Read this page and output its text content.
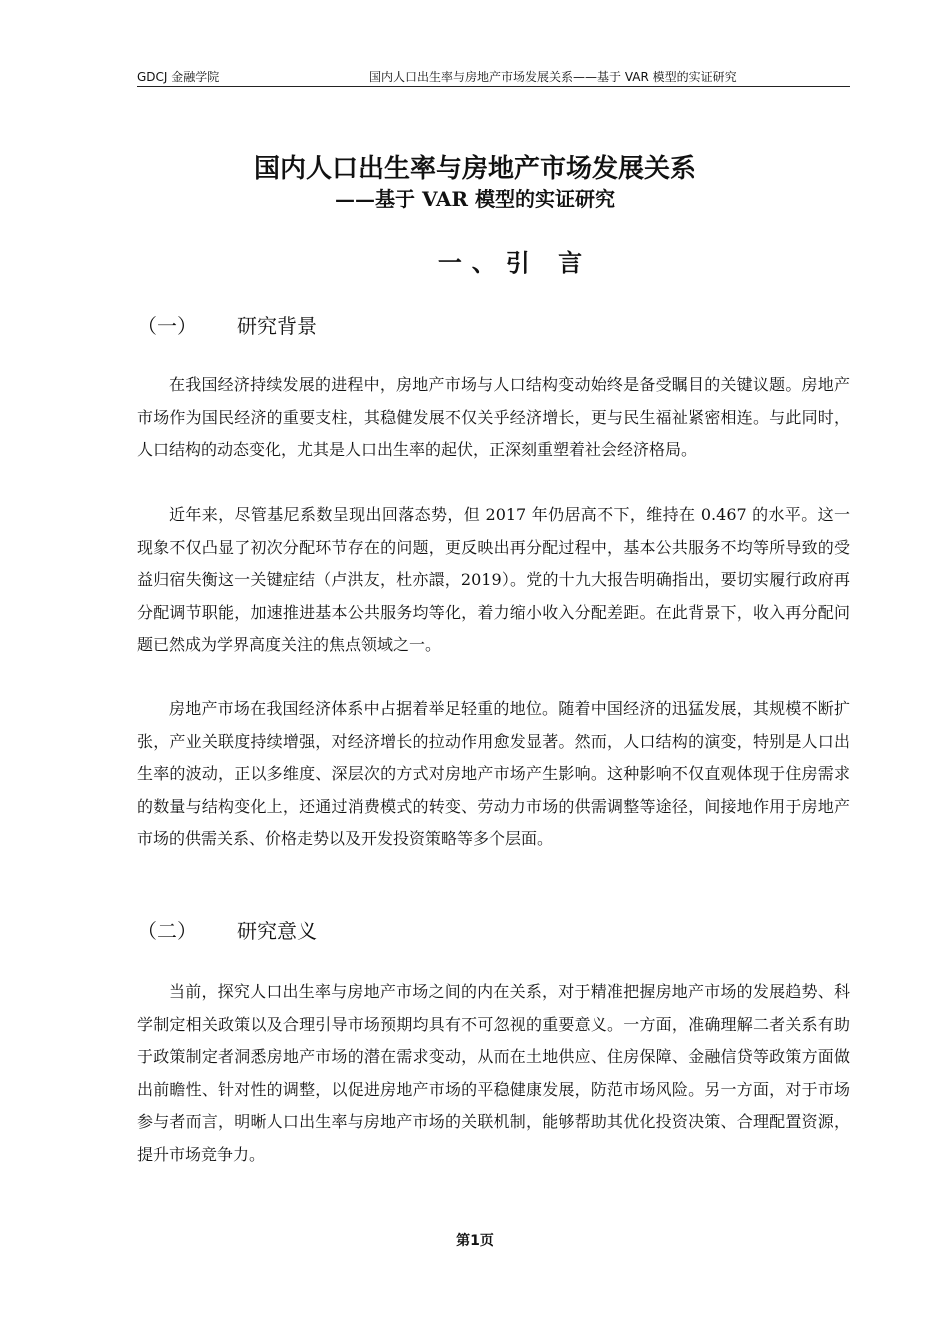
GDCJ 金融学院	国内人口出生率与房地产市场发展关系——基于 VAR 模型的实证研究
国内人口出生率与房地产市场发展关系
——基于 VAR 模型的实证研究
一、引 言
（一） 研究背景

在我国经济持续发展的进程中，房地产市场与人口结构变动始终是备受瞩目的关键议题。房地产市场作为国民经济的重要支柱，其稳健发展不仅关乎经济增长，更与民生福祉紧密相连。与此同时，人口结构的动态变化，尤其是人口出生率的起伏，正深刻重塑着社会经济格局。

近年来，尽管基尼系数呈现出回落态势，但 2017 年仍居高不下，维持在 0.467 的水平。这一现象不仅凸显了初次分配环节存在的问题，更反映出再分配过程中，基本公共服务不均等所导致的受益归宿失衡这一关键症结（卢洪友，杜亦譞，2019）。党的十九大报告明确指出，要切实履行政府再分配调节职能，加速推进基本公共服务均等化，着力缩小收入分配差距。在此背景下，收入再分配问题已然成为学界高度关注的焦点领域之一。

房地产市场在我国经济体系中占据着举足轻重的地位。随着中国经济的迅猛发展，其规模不断扩张，产业关联度持续增强，对经济增长的拉动作用愈发显著。然而，人口结构的演变，特别是人口出生率的波动，正以多维度、深层次的方式对房地产市场产生影响。这种影响不仅直观体现于住房需求的数量与结构变化上，还通过消费模式的转变、劳动力市场的供需调整等途径，间接地作用于房地产市场的供需关系、价格走势以及开发投资策略等多个层面。

（二） 研究意义

当前，探究人口出生率与房地产市场之间的内在关系，对于精准把握房地产市场的发展趋势、科学制定相关政策以及合理引导市场预期均具有不可忽视的重要意义。一方面，准确理解二者关系有助于政策制定者洞悉房地产市场的潜在需求变动，从而在土地供应、住房保障、金融信贷等政策方面做出前瞻性、针对性的调整，以促进房地产市场的平稳健康发展，防范市场风险。另一方面，对于市场参与者而言，明晰人口出生率与房地产市场的关联机制，能够帮助其优化投资决策、合理配置资源，提升市场竞争力。

第1页
